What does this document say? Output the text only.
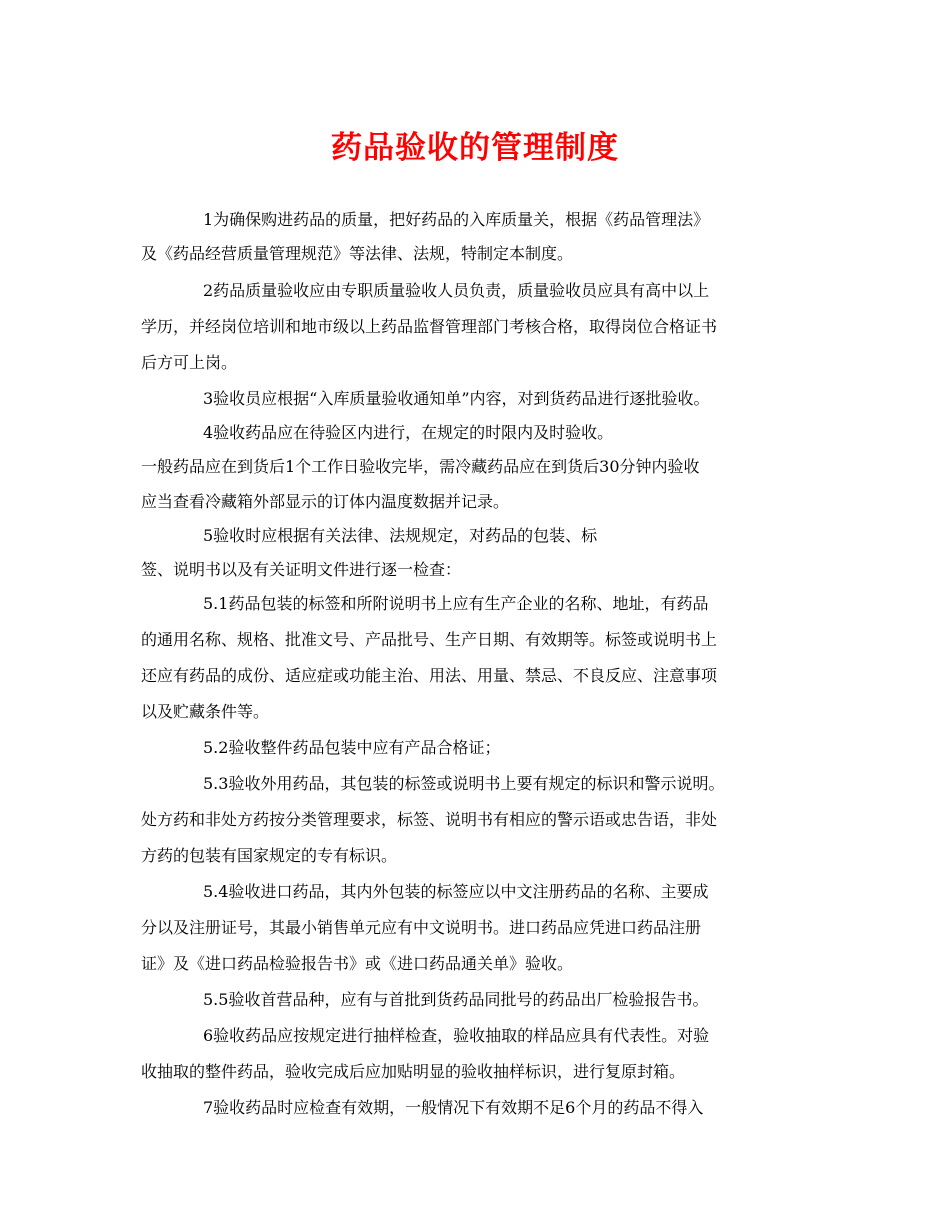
药品验收的管理制度
1为确保购进药品的质量，把好药品的入库质量关，根据《药品管理法》
及《药品经营质量管理规范》等法律、法规，特制定本制度。
2药品质量验收应由专职质量验收人员负责，质量验收员应具有高中以上
学历，并经岗位培训和地市级以上药品监督管理部门考核合格，取得岗位合格证书
后方可上岗。
3验收员应根据“入库质量验收通知单”内容，对到货药品进行逐批验收。
4验收药品应在待验区内进行，在规定的时限内及时验收。
一般药品应在到货后1个工作日验收完毕，需冷藏药品应在到货后30分钟内验收
应当查看冷藏箱外部显示的订体内温度数据并记录。
5验收时应根据有关法律、法规规定，对药品的包装、标
签、说明书以及有关证明文件进行逐一检查：
5.1药品包装的标签和所附说明书上应有生产企业的名称、地址，有药品
的通用名称、规格、批准文号、产品批号、生产日期、有效期等。标签或说明书上
还应有药品的成份、适应症或功能主治、用法、用量、禁忌、不良反应、注意事项
以及贮藏条件等。
5.2验收整件药品包装中应有产品合格证；
5.3验收外用药品，其包装的标签或说明书上要有规定的标识和警示说明。
处方药和非处方药按分类管理要求，标签、说明书有相应的警示语或忠告语，非处
方药的包装有国家规定的专有标识。
5.4验收进口药品，其内外包装的标签应以中文注册药品的名称、主要成
分以及注册证号，其最小销售单元应有中文说明书。进口药品应凭进口药品注册
证》及《进口药品检验报告书》或《进口药品通关单》验收。
5.5验收首营品种，应有与首批到货药品同批号的药品出厂检验报告书。
6验收药品应按规定进行抽样检查，验收抽取的样品应具有代表性。对验
收抽取的整件药品，验收完成后应加贴明显的验收抽样标识，进行复原封箱。
7验收药品时应检查有效期，一般情况下有效期不足6个月的药品不得入
